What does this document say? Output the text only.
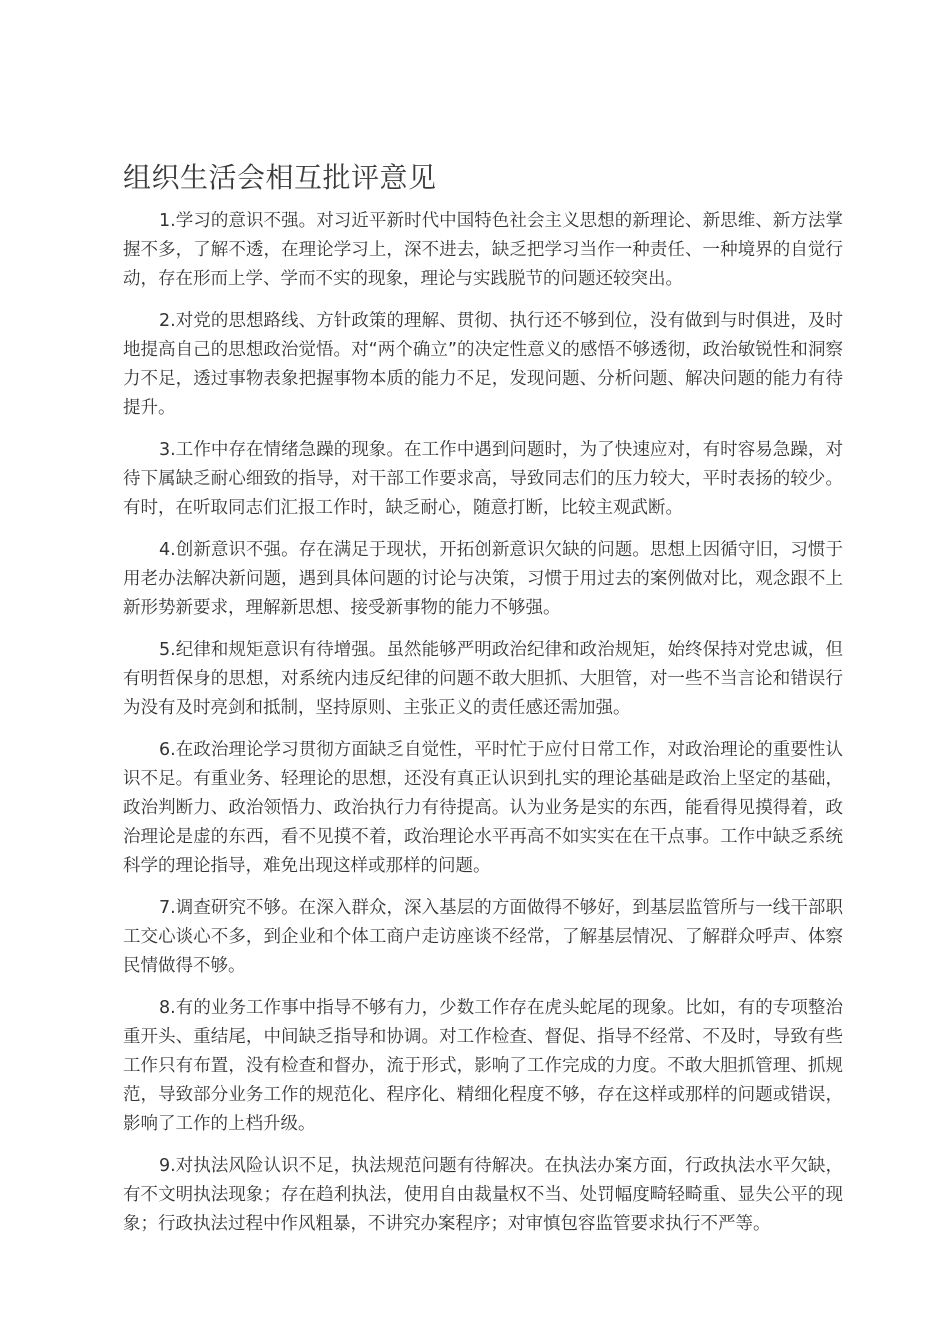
组织生活会相互批评意见

1.学习的意识不强。对习近平新时代中国特色社会主义思想的新理论、新思维、新方法掌握不多，了解不透，在理论学习上，深不进去，缺乏把学习当作一种责任、一种境界的自觉行动，存在形而上学、学而不实的现象，理论与实践脱节的问题还较突出。

2.对党的思想路线、方针政策的理解、贯彻、执行还不够到位，没有做到与时俱进，及时地提高自己的思想政治觉悟。对“两个确立”的决定性意义的感悟不够透彻，政治敏锐性和洞察力不足，透过事物表象把握事物本质的能力不足，发现问题、分析问题、解决问题的能力有待提升。

3.工作中存在情绪急躁的现象。在工作中遇到问题时，为了快速应对，有时容易急躁，对待下属缺乏耐心细致的指导，对干部工作要求高，导致同志们的压力较大，平时表扬的较少。有时，在听取同志们汇报工作时，缺乏耐心，随意打断，比较主观武断。

4.创新意识不强。存在满足于现状，开拓创新意识欠缺的问题。思想上因循守旧，习惯于用老办法解决新问题，遇到具体问题的讨论与决策，习惯于用过去的案例做对比，观念跟不上新形势新要求，理解新思想、接受新事物的能力不够强。

5.纪律和规矩意识有待增强。虽然能够严明政治纪律和政治规矩，始终保持对党忠诚，但有明哲保身的思想，对系统内违反纪律的问题不敢大胆抓、大胆管，对一些不当言论和错误行为没有及时亮剑和抵制，坚持原则、主张正义的责任感还需加强。

6.在政治理论学习贯彻方面缺乏自觉性，平时忙于应付日常工作，对政治理论的重要性认识不足。有重业务、轻理论的思想，还没有真正认识到扎实的理论基础是政治上坚定的基础，政治判断力、政治领悟力、政治执行力有待提高。认为业务是实的东西，能看得见摸得着，政治理论是虚的东西，看不见摸不着，政治理论水平再高不如实实在在干点事。工作中缺乏系统科学的理论指导，难免出现这样或那样的问题。

7.调查研究不够。在深入群众，深入基层的方面做得不够好，到基层监管所与一线干部职工交心谈心不多，到企业和个体工商户走访座谈不经常，了解基层情况、了解群众呼声、体察民情做得不够。

8.有的业务工作事中指导不够有力，少数工作存在虎头蛇尾的现象。比如，有的专项整治重开头、重结尾，中间缺乏指导和协调。对工作检查、督促、指导不经常、不及时，导致有些工作只有布置，没有检查和督办，流于形式，影响了工作完成的力度。不敢大胆抓管理、抓规范，导致部分业务工作的规范化、程序化、精细化程度不够，存在这样或那样的问题或错误，影响了工作的上档升级。

9.对执法风险认识不足，执法规范问题有待解决。在执法办案方面，行政执法水平欠缺，有不文明执法现象；存在趋利执法，使用自由裁量权不当、处罚幅度畸轻畸重、显失公平的现象；行政执法过程中作风粗暴，不讲究办案程序；对审慎包容监管要求执行不严等。
